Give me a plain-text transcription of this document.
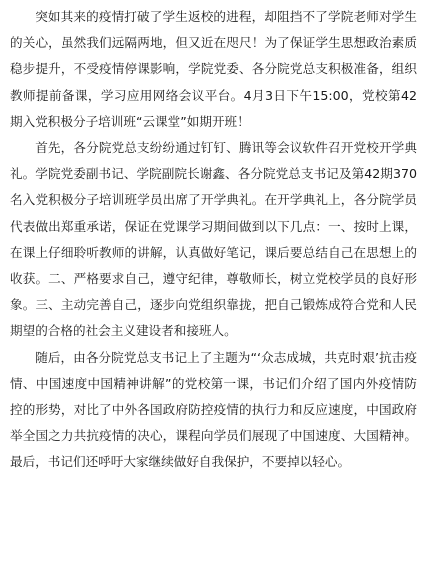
突如其来的疫情打破了学生返校的进程，却阻挡不了学院老师对学生的关心，虽然我们远隔两地，但又近在咫尺！为了保证学生思想政治素质稳步提升，不受疫情停课影响，学院党委、各分院党总支积极准备，组织教师提前备课，学习应用网络会议平台。4月3日下午15:00，党校第42期入党积极分子培训班“云课堂”如期开班！

首先，各分院党总支纷纷通过钉钉、腾讯等会议软件召开党校开学典礼。学院党委副书记、学院副院长谢鑫、各分院党总支书记及第42期370名入党积极分子培训班学员出席了开学典礼。在开学典礼上，各分院学员代表做出郑重承诺，保证在党课学习期间做到以下几点：一、按时上课，在课上仔细聆听教师的讲解，认真做好笔记，课后要总结自己在思想上的收获。二、严格要求自己，遵守纪律，尊敬师长，树立党校学员的良好形象。三、主动完善自己，逐步向党组织靠拢，把自己锻炼成符合党和人民期望的合格的社会主义建设者和接班人。

随后，由各分院党总支书记上了主题为“‘众志成城，共克时艰’抗击疫情、中国速度中国精神讲解”的党校第一课，书记们介绍了国内外疫情防控的形势，对比了中外各国政府防控疫情的执行力和反应速度，中国政府举全国之力共抗疫情的决心，课程向学员们展现了中国速度、大国精神。最后，书记们还呼吁大家继续做好自我保护，不要掉以轻心。
